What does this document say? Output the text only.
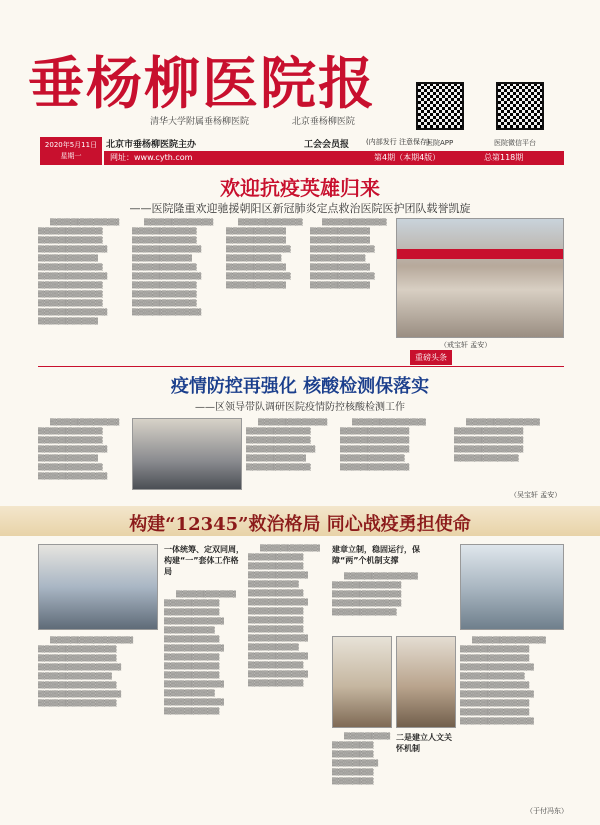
垂杨柳医院报
清华大学附属垂杨柳医院	北京垂杨柳医院
医院APP	医院微信平台
2020年5月11日
星期一
北京市垂杨柳医院主办	工会会员报 (内部发行 注意保存)
网址：www.cyth.com	第4期（本期4版）	总第118期
欢迎抗疫英雄归来
——医院隆重欢迎驰援朝阳区新冠肺炎定点救治医院医护团队载誉凯旋

▒▒▒▒▒▒▒▒▒▒▒▒▒▒▒ ▒▒▒▒▒▒▒▒▒▒▒▒▒▒ ▒▒▒▒▒▒▒▒▒▒▒▒▒▒ ▒▒▒▒▒▒▒▒▒▒▒▒▒▒▒ ▒▒▒▒▒▒▒▒▒▒▒▒▒ ▒▒▒▒▒▒▒▒▒▒▒▒▒▒ ▒▒▒▒▒▒▒▒▒▒▒▒▒▒▒ ▒▒▒▒▒▒▒▒▒▒▒▒▒▒ ▒▒▒▒▒▒▒▒▒▒▒▒▒▒ ▒▒▒▒▒▒▒▒▒▒▒▒▒▒ ▒▒▒▒▒▒▒▒▒▒▒▒▒▒▒ ▒▒▒▒▒▒▒▒▒▒▒▒▒

▒▒▒▒▒▒▒▒▒▒▒▒▒▒▒ ▒▒▒▒▒▒▒▒▒▒▒▒▒▒ ▒▒▒▒▒▒▒▒▒▒▒▒▒▒ ▒▒▒▒▒▒▒▒▒▒▒▒▒▒▒ ▒▒▒▒▒▒▒▒▒▒▒▒▒ ▒▒▒▒▒▒▒▒▒▒▒▒▒▒ ▒▒▒▒▒▒▒▒▒▒▒▒▒▒▒ ▒▒▒▒▒▒▒▒▒▒▒▒▒▒ ▒▒▒▒▒▒▒▒▒▒▒▒▒▒ ▒▒▒▒▒▒▒▒▒▒▒▒▒▒ ▒▒▒▒▒▒▒▒▒▒▒▒▒▒▒

▒▒▒▒▒▒▒▒▒▒▒▒▒▒ ▒▒▒▒▒▒▒▒▒▒▒▒▒ ▒▒▒▒▒▒▒▒▒▒▒▒▒ ▒▒▒▒▒▒▒▒▒▒▒▒▒▒ ▒▒▒▒▒▒▒▒▒▒▒▒ ▒▒▒▒▒▒▒▒▒▒▒▒▒ ▒▒▒▒▒▒▒▒▒▒▒▒▒▒ ▒▒▒▒▒▒▒▒▒▒▒▒▒

▒▒▒▒▒▒▒▒▒▒▒▒▒▒ ▒▒▒▒▒▒▒▒▒▒▒▒▒ ▒▒▒▒▒▒▒▒▒▒▒▒▒ ▒▒▒▒▒▒▒▒▒▒▒▒▒▒ ▒▒▒▒▒▒▒▒▒▒▒▒ ▒▒▒▒▒▒▒▒▒▒▒▒▒ ▒▒▒▒▒▒▒▒▒▒▒▒▒▒ ▒▒▒▒▒▒▒▒▒▒▒▒▒

（戒宝轩 孟安）
重磅头条
疫情防控再强化 核酸检测保落实
——区领导带队调研医院疫情防控核酸检测工作

▒▒▒▒▒▒▒▒▒▒▒▒▒▒▒ ▒▒▒▒▒▒▒▒▒▒▒▒▒▒ ▒▒▒▒▒▒▒▒▒▒▒▒▒▒ ▒▒▒▒▒▒▒▒▒▒▒▒▒▒▒ ▒▒▒▒▒▒▒▒▒▒▒▒▒ ▒▒▒▒▒▒▒▒▒▒▒▒▒▒ ▒▒▒▒▒▒▒▒▒▒▒▒▒▒▒

▒▒▒▒▒▒▒▒▒▒▒▒▒▒▒ ▒▒▒▒▒▒▒▒▒▒▒▒▒▒ ▒▒▒▒▒▒▒▒▒▒▒▒▒▒ ▒▒▒▒▒▒▒▒▒▒▒▒▒▒▒ ▒▒▒▒▒▒▒▒▒▒▒▒▒ ▒▒▒▒▒▒▒▒▒▒▒▒▒▒

▒▒▒▒▒▒▒▒▒▒▒▒▒▒▒▒ ▒▒▒▒▒▒▒▒▒▒▒▒▒▒▒ ▒▒▒▒▒▒▒▒▒▒▒▒▒▒▒ ▒▒▒▒▒▒▒▒▒▒▒▒▒▒▒ ▒▒▒▒▒▒▒▒▒▒▒▒▒▒ ▒▒▒▒▒▒▒▒▒▒▒▒▒▒▒

▒▒▒▒▒▒▒▒▒▒▒▒▒▒▒▒ ▒▒▒▒▒▒▒▒▒▒▒▒▒▒▒ ▒▒▒▒▒▒▒▒▒▒▒▒▒▒▒ ▒▒▒▒▒▒▒▒▒▒▒▒▒▒▒ ▒▒▒▒▒▒▒▒▒▒▒▒▒▒

（吴宝轩 孟安）
构建“12345”救治格局 同心战疫勇担使命
一体统筹、定双同周，构建“一”套体工作格局

▒▒▒▒▒▒▒▒▒▒▒▒▒ ▒▒▒▒▒▒▒▒▒▒▒▒ ▒▒▒▒▒▒▒▒▒▒▒▒ ▒▒▒▒▒▒▒▒▒▒▒▒▒ ▒▒▒▒▒▒▒▒▒▒▒ ▒▒▒▒▒▒▒▒▒▒▒▒ ▒▒▒▒▒▒▒▒▒▒▒▒▒ ▒▒▒▒▒▒▒▒▒▒▒▒ ▒▒▒▒▒▒▒▒▒▒▒▒ ▒▒▒▒▒▒▒▒▒▒▒▒ ▒▒▒▒▒▒▒▒▒▒▒▒▒ ▒▒▒▒▒▒▒▒▒▒▒ ▒▒▒▒▒▒▒▒▒▒▒▒▒ ▒▒▒▒▒▒▒▒▒▒▒▒

▒▒▒▒▒▒▒▒▒▒▒▒▒▒▒▒▒▒ ▒▒▒▒▒▒▒▒▒▒▒▒▒▒▒▒▒ ▒▒▒▒▒▒▒▒▒▒▒▒▒▒▒▒▒ ▒▒▒▒▒▒▒▒▒▒▒▒▒▒▒▒▒▒ ▒▒▒▒▒▒▒▒▒▒▒▒▒▒▒▒ ▒▒▒▒▒▒▒▒▒▒▒▒▒▒▒▒▒ ▒▒▒▒▒▒▒▒▒▒▒▒▒▒▒▒▒▒ ▒▒▒▒▒▒▒▒▒▒▒▒▒▒▒▒▒

▒▒▒▒▒▒▒▒▒▒▒▒▒ ▒▒▒▒▒▒▒▒▒▒▒▒ ▒▒▒▒▒▒▒▒▒▒▒▒ ▒▒▒▒▒▒▒▒▒▒▒▒▒ ▒▒▒▒▒▒▒▒▒▒▒ ▒▒▒▒▒▒▒▒▒▒▒▒ ▒▒▒▒▒▒▒▒▒▒▒▒▒ ▒▒▒▒▒▒▒▒▒▒▒▒ ▒▒▒▒▒▒▒▒▒▒▒▒ ▒▒▒▒▒▒▒▒▒▒▒▒ ▒▒▒▒▒▒▒▒▒▒▒▒▒ ▒▒▒▒▒▒▒▒▒▒▒ ▒▒▒▒▒▒▒▒▒▒▒▒▒ ▒▒▒▒▒▒▒▒▒▒▒▒ ▒▒▒▒▒▒▒▒▒▒▒▒▒ ▒▒▒▒▒▒▒▒▒▒▒▒

建章立制，稳固运行，保障“两”个机制支撑

▒▒▒▒▒▒▒▒▒▒▒▒▒▒▒▒ ▒▒▒▒▒▒▒▒▒▒▒▒▒▒▒ ▒▒▒▒▒▒▒▒▒▒▒▒▒▒▒ ▒▒▒▒▒▒▒▒▒▒▒▒▒▒▒ ▒▒▒▒▒▒▒▒▒▒▒▒▒▒

二是建立人文关怀机制

▒▒▒▒▒▒▒▒▒▒ ▒▒▒▒▒▒▒▒▒ ▒▒▒▒▒▒▒▒▒ ▒▒▒▒▒▒▒▒▒▒ ▒▒▒▒▒▒▒▒▒ ▒▒▒▒▒▒▒▒▒

▒▒▒▒▒▒▒▒▒▒▒▒▒▒▒▒ ▒▒▒▒▒▒▒▒▒▒▒▒▒▒▒ ▒▒▒▒▒▒▒▒▒▒▒▒▒▒▒ ▒▒▒▒▒▒▒▒▒▒▒▒▒▒▒▒ ▒▒▒▒▒▒▒▒▒▒▒▒▒▒ ▒▒▒▒▒▒▒▒▒▒▒▒▒▒▒ ▒▒▒▒▒▒▒▒▒▒▒▒▒▒▒▒ ▒▒▒▒▒▒▒▒▒▒▒▒▒▒▒ ▒▒▒▒▒▒▒▒▒▒▒▒▒▒▒ ▒▒▒▒▒▒▒▒▒▒▒▒▒▒▒▒

（于付冯东）
